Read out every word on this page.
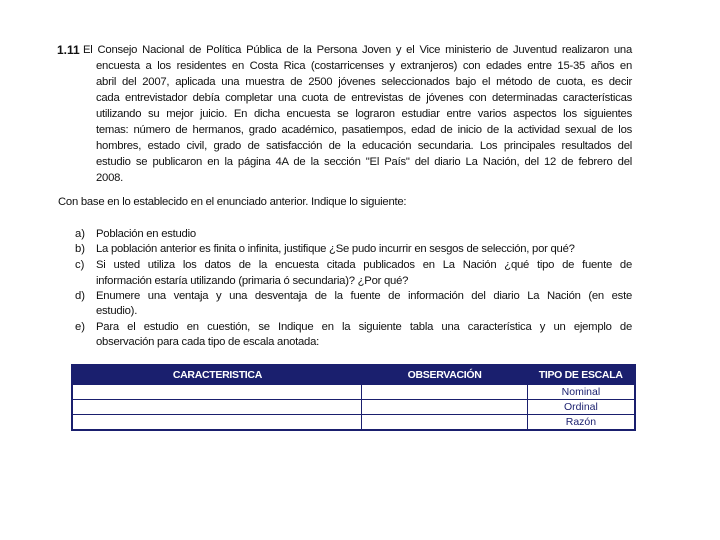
1.11 El Consejo Nacional de Política Pública de la Persona Joven y el Vice ministerio de Juventud realizaron una
encuesta a los residentes en Costa Rica (costarricenses y extranjeros) con edades entre 15-35 años en
abril del 2007, aplicada una muestra de 2500 jóvenes seleccionados bajo el método de cuota, es decir
cada entrevistador debía completar una cuota de entrevistas de jóvenes con determinadas características
utilizando su mejor juicio. En dicha encuesta se lograron estudiar entre varios aspectos los siguientes
temas: número de hermanos, grado académico, pasatiempos, edad de inicio de la actividad sexual de los
hombres, estado civil, grado de satisfacción de la educación secundaria. Los principales resultados del
estudio se publicaron en la página 4A de la sección "El País" del diario La Nación, del 12 de febrero del
2008.
Con base en lo establecido en el enunciado anterior. Indique lo siguiente:
a) Población en estudio
b) La población anterior es finita o infinita, justifique ¿Se pudo incurrir en sesgos de selección, por qué?
c) Si usted utiliza los datos de la encuesta citada publicados en La Nación ¿qué tipo de fuente de
información estaría utilizando (primaria ó secundaria)? ¿Por qué?
d) Enumere una ventaja y una desventaja de la fuente de información del diario La Nación (en este
estudio).
e) Para el estudio en cuestión, se Indique en la siguiente tabla una característica y un ejemplo de
observación para cada tipo de escala anotada:
CARACTERISTICA	OBSERVACIÓN	TIPO DE ESCALA
		Nominal
		Ordinal
		Razón
